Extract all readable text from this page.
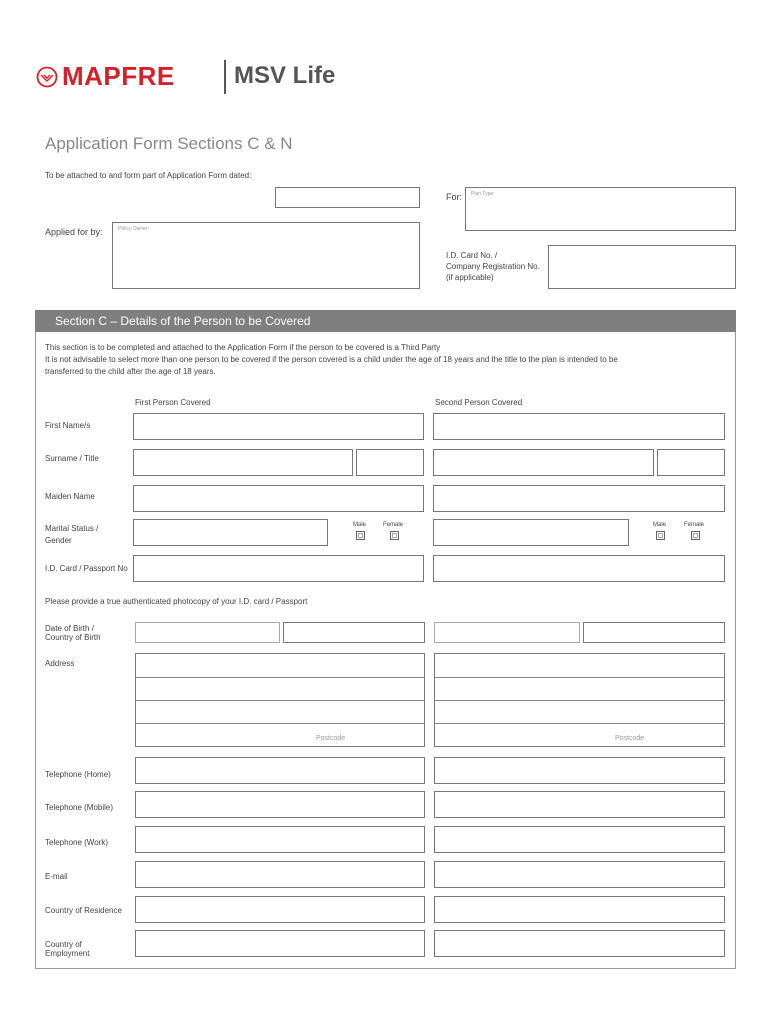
MAPFRE MSV Life
Application Form Sections C & N
To be attached to and form part of Application Form dated:
For: Plan Type:
Applied for by:	Policy Owner:
I.D. Card No. /
Company Registration No.
(if applicable)
Section C – Details of the Person to be Covered
This section is to be completed and attached to the Application Form if the person to be covered is a Third Party
It is not advisable to select more than one person to be covered if the person covered is a child under the age of 18 years and the title to the plan is intended to be
transferred to the child after the age of 18 years.
First Person Covered	Second Person Covered
First Name/s
Surname / Title
Maiden Name
Marital Status /
Gender
Male	Female	Male	Female
I.D. Card / Passport No
Please provide a true authenticated photocopy of your I.D. card / Passport
Date of Birth /
Country of Birth
Address
Postcode	Postcode
Telephone (Home)
Telephone (Mobile)
Telephone (Work)
E-mail
Country of Residence
Country of
Employment
